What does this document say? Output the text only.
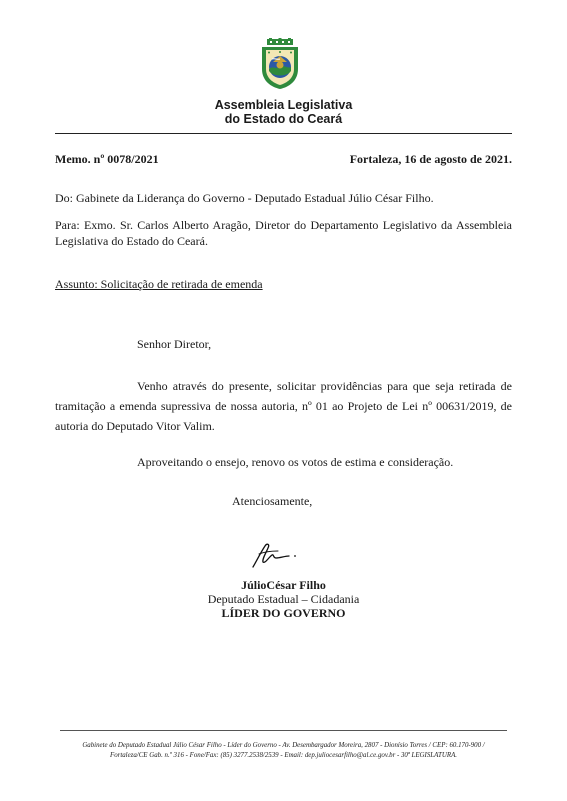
Assembleia Legislativa
do Estado do Ceará
Memo. nº 0078/2021	Fortaleza, 16 de agosto de 2021.
Do: Gabinete da Liderança do Governo - Deputado Estadual Júlio César Filho.
Para: Exmo. Sr. Carlos Alberto Aragão, Diretor do Departamento Legislativo da Assembleia Legislativa do Estado do Ceará.
Assunto: Solicitação de retirada de emenda
Senhor Diretor,
Venho através do presente, solicitar providências para que seja retirada de tramitação a emenda supressiva de nossa autoria, nº 01 ao Projeto de Lei nº 00631/2019, de autoria do Deputado Vitor Valim.
Aproveitando o ensejo, renovo os votos de estima e consideração.
Atenciosamente,
JúlioCésar Filho
Deputado Estadual – Cidadania
LÍDER DO GOVERNO
Gabinete do Deputado Estadual Júlio César Filho - Líder do Governo - Av. Desembargador Moreira, 2807 - Dionísio Torres / CEP: 60.170-900 /
Fortaleza/CE Gab. n.º 316 - Fone/Fax: (85) 3277.2538/2539 - Email: dep.juliocesarfilho@al.ce.gov.br - 30ª LEGISLATURA.
